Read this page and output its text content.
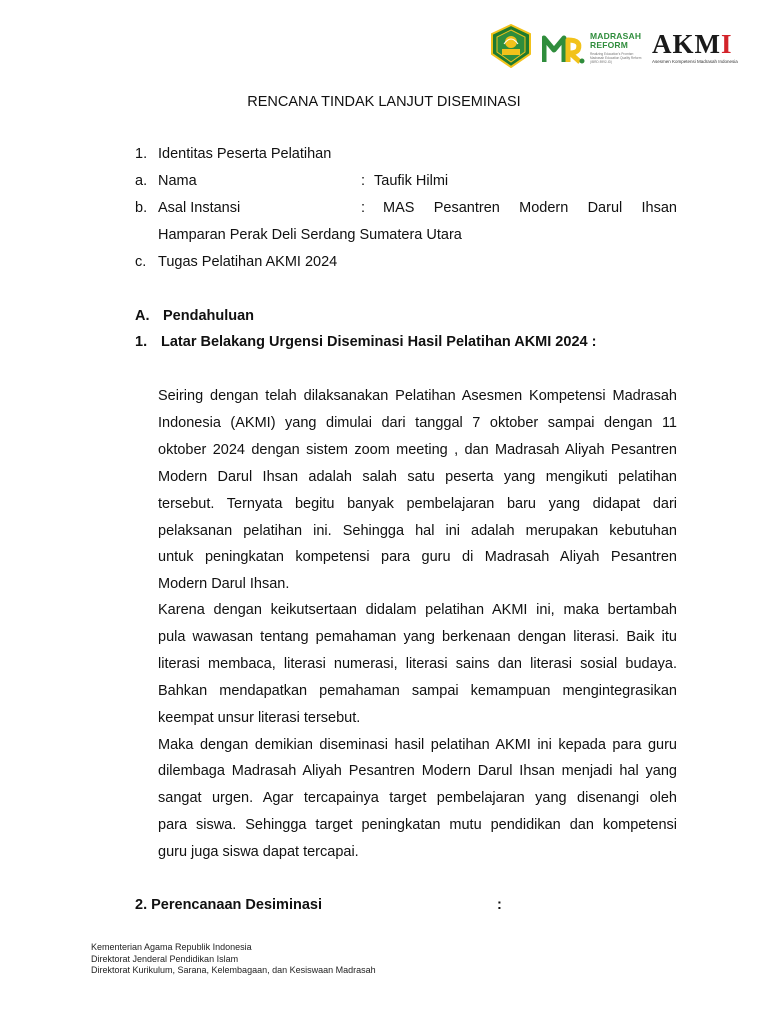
MADRASAH
REFORM
Realizing Education's Promise: Madrasah Education Quality Reform (IBRD 8992-ID)
AKMI
Asesmen Kompetensi Madrasah Indonesia
RENCANA TINDAK LANJUT DISEMINASI
1. Identitas Peserta Pelatihan
a. Nama	: Taufik Hilmi
b. Asal Instansi	: MAS Pesantren Modern Darul Ihsan
Hamparan Perak Deli Serdang Sumatera Utara
c. Tugas Pelatihan AKMI 2024
A. Pendahuluan
1. Latar Belakang Urgensi Diseminasi Hasil Pelatihan AKMI 2024 :
Seiring dengan telah dilaksanakan Pelatihan Asesmen Kompetensi Madrasah
Indonesia (AKMI) yang dimulai dari tanggal 7 oktober sampai dengan 11
oktober 2024 dengan sistem zoom meeting , dan Madrasah Aliyah Pesantren
Modern Darul Ihsan adalah salah satu peserta yang mengikuti pelatihan
tersebut. Ternyata begitu banyak pembelajaran baru yang didapat dari
pelaksanan pelatihan ini. Sehingga hal ini adalah merupakan kebutuhan
untuk peningkatan kompetensi para guru di Madrasah Aliyah Pesantren
Modern Darul Ihsan.
Karena dengan keikutsertaan didalam pelatihan AKMI ini, maka bertambah
pula wawasan tentang pemahaman yang berkenaan dengan literasi. Baik itu
literasi membaca, literasi numerasi, literasi sains dan literasi sosial budaya.
Bahkan mendapatkan pemahaman sampai kemampuan mengintegrasikan
keempat unsur literasi tersebut.
Maka dengan demikian diseminasi hasil pelatihan AKMI ini kepada para guru
dilembaga Madrasah Aliyah Pesantren Modern Darul Ihsan menjadi hal yang
sangat urgen. Agar tercapainya target pembelajaran yang disenangi oleh
para siswa. Sehingga target peningkatan mutu pendidikan dan kompetensi
guru juga siswa dapat tercapai.
2. Perencanaan Desiminasi	:
Kementerian Agama Republik Indonesia
Direktorat Jenderal Pendidikan Islam
Direktorat Kurikulum, Sarana, Kelembagaan, dan Kesiswaan Madrasah
